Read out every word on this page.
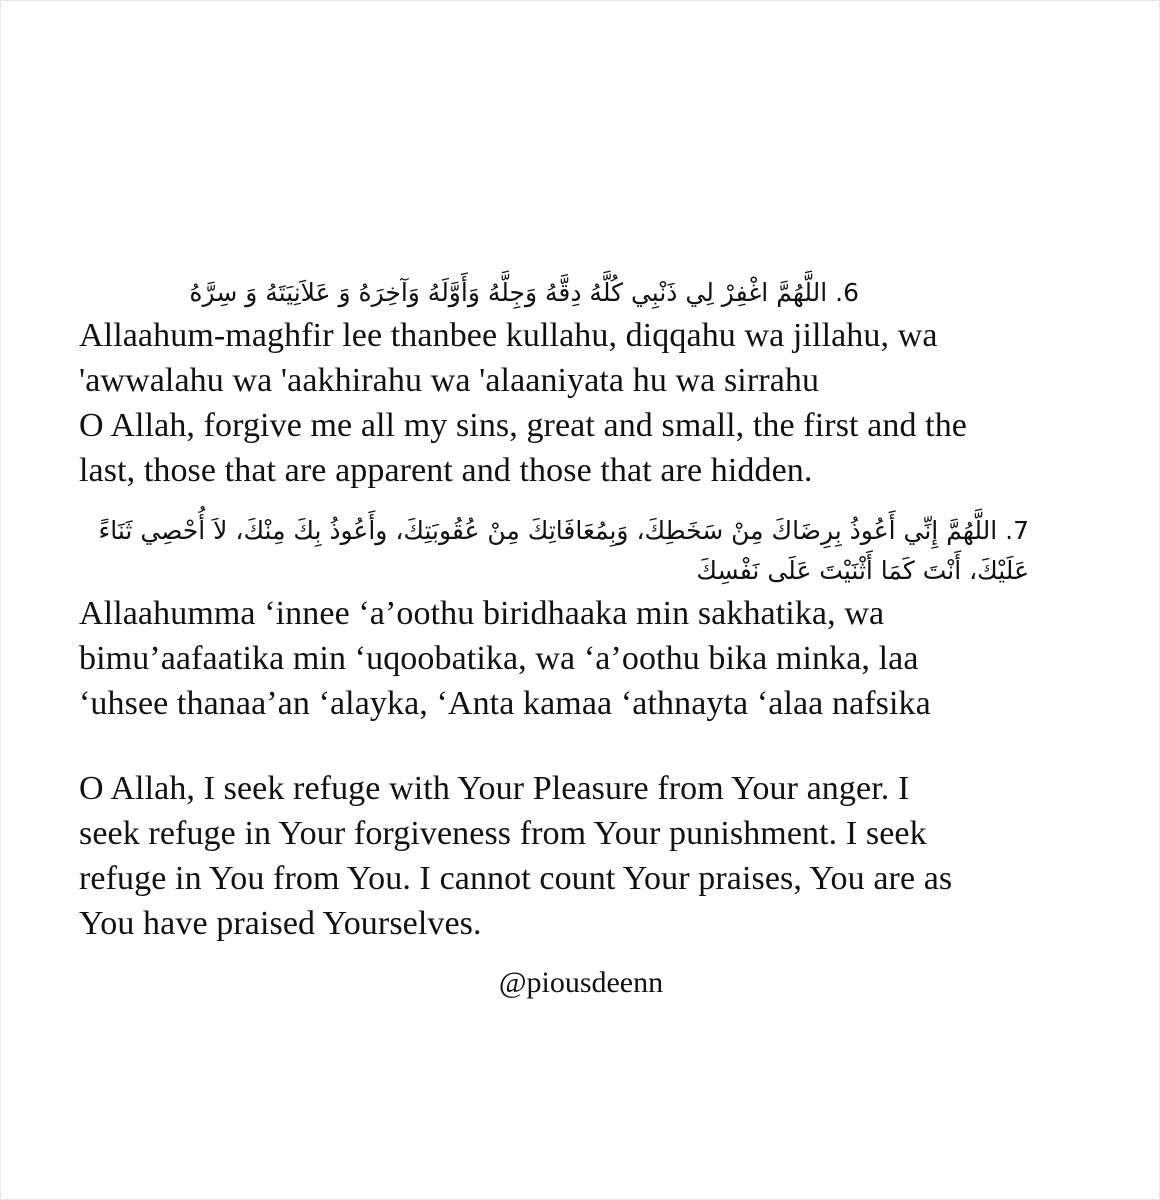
6. اللَّهُمَّ اغْفِرْ لِي ذَنْبِي كُلَّهُ دِقَّهُ وَجِلَّهُ وَأَوَّلَهُ وَآخِرَهُ وَ عَلاَنِيَتَهُ وَ سِرَّهُ
Allaahum-maghfir lee thanbee kullahu, diqqahu wa jillahu, wa
'awwalahu wa 'aakhirahu wa 'alaaniyata hu wa sirrahu
O Allah, forgive me all my sins, great and small, the first and the
last, those that are apparent and those that are hidden.
7. اللَّهُمَّ إِنِّي أَعُوذُ بِرِضَاكَ مِنْ سَخَطِكَ، وَبِمُعَافَاتِكَ مِنْ عُقُوبَتِكَ، وأَعُوذُ بِكَ مِنْكَ، لاَ أُحْصِي ثَنَاءً عَلَيْكَ، أَنْتَ كَمَا أَثْنَيْتَ عَلَى نَفْسِكَ
Allaahumma ‘innee ‘a’oothu biridhaaka min sakhatika, wa
bimu’aafaatika min ‘uqoobatika, wa ‘a’oothu bika minka, laa
‘uhsee thanaa’an ‘alayka, ‘Anta kamaa ‘athnayta ‘alaa nafsika
O Allah, I seek refuge with Your Pleasure from Your anger. I
seek refuge in Your forgiveness from Your punishment. I seek
refuge in You from You. I cannot count Your praises, You are as
You have praised Yourselves.
@piousdeenn
